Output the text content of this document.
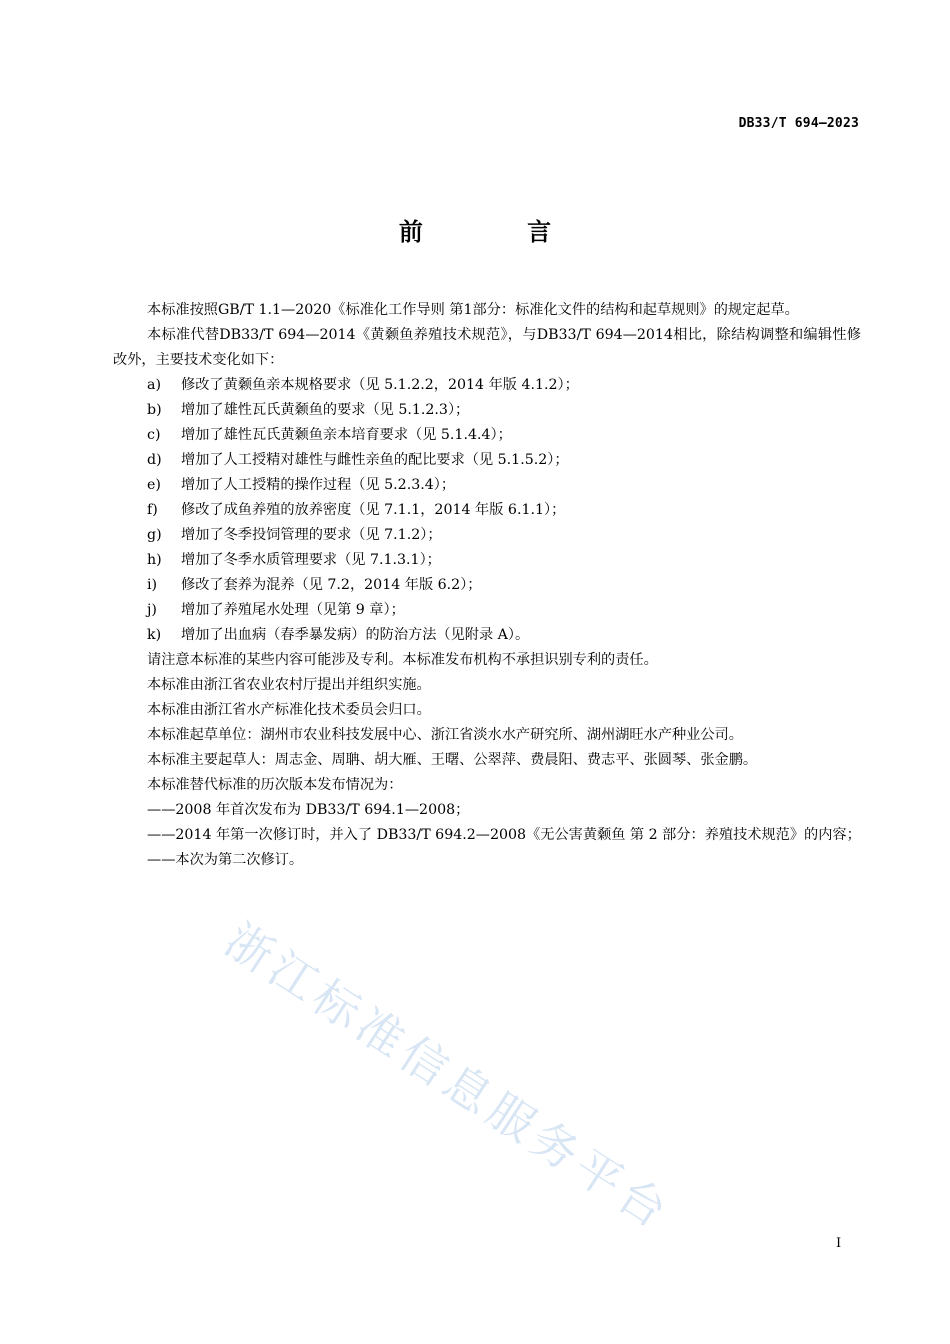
DB33/T 694—2023
前 言

本标准按照GB/T 1.1—2020《标准化工作导则 第1部分：标准化文件的结构和起草规则》的规定起草。

本标准代替DB33/T 694—2014《黄颡鱼养殖技术规范》，与DB33/T 694—2014相比，除结构调整和编辑性修改外，主要技术变化如下：

a)	修改了黄颡鱼亲本规格要求（见 5.1.2.2，2014 年版 4.1.2）；
b)	增加了雄性瓦氏黄颡鱼的要求（见 5.1.2.3）；
c)	增加了雄性瓦氏黄颡鱼亲本培育要求（见 5.1.4.4）；
d)	增加了人工授精对雄性与雌性亲鱼的配比要求（见 5.1.5.2）；
e)	增加了人工授精的操作过程（见 5.2.3.4）；
f)	修改了成鱼养殖的放养密度（见 7.1.1，2014 年版 6.1.1）；
g)	增加了冬季投饲管理的要求（见 7.1.2）；
h)	增加了冬季水质管理要求（见 7.1.3.1）；
i)	修改了套养为混养（见 7.2，2014 年版 6.2）；
j)	增加了养殖尾水处理（见第 9 章）；
k)	增加了出血病（春季暴发病）的防治方法（见附录 A）。

请注意本标准的某些内容可能涉及专利。本标准发布机构不承担识别专利的责任。

本标准由浙江省农业农村厅提出并组织实施。

本标准由浙江省水产标准化技术委员会归口。

本标准起草单位：湖州市农业科技发展中心、浙江省淡水水产研究所、湖州湖旺水产种业公司。

本标准主要起草人：周志金、周聃、胡大雁、王曙、公翠萍、费晨阳、费志平、张圆琴、张金鹏。

本标准替代标准的历次版本发布情况为：

——2008 年首次发布为 DB33/T 694.1—2008；

——2014 年第一次修订时，并入了 DB33/T 694.2—2008《无公害黄颡鱼 第 2 部分：养殖技术规范》的内容；

——本次为第二次修订。

浙江标准信息服务平台
I
